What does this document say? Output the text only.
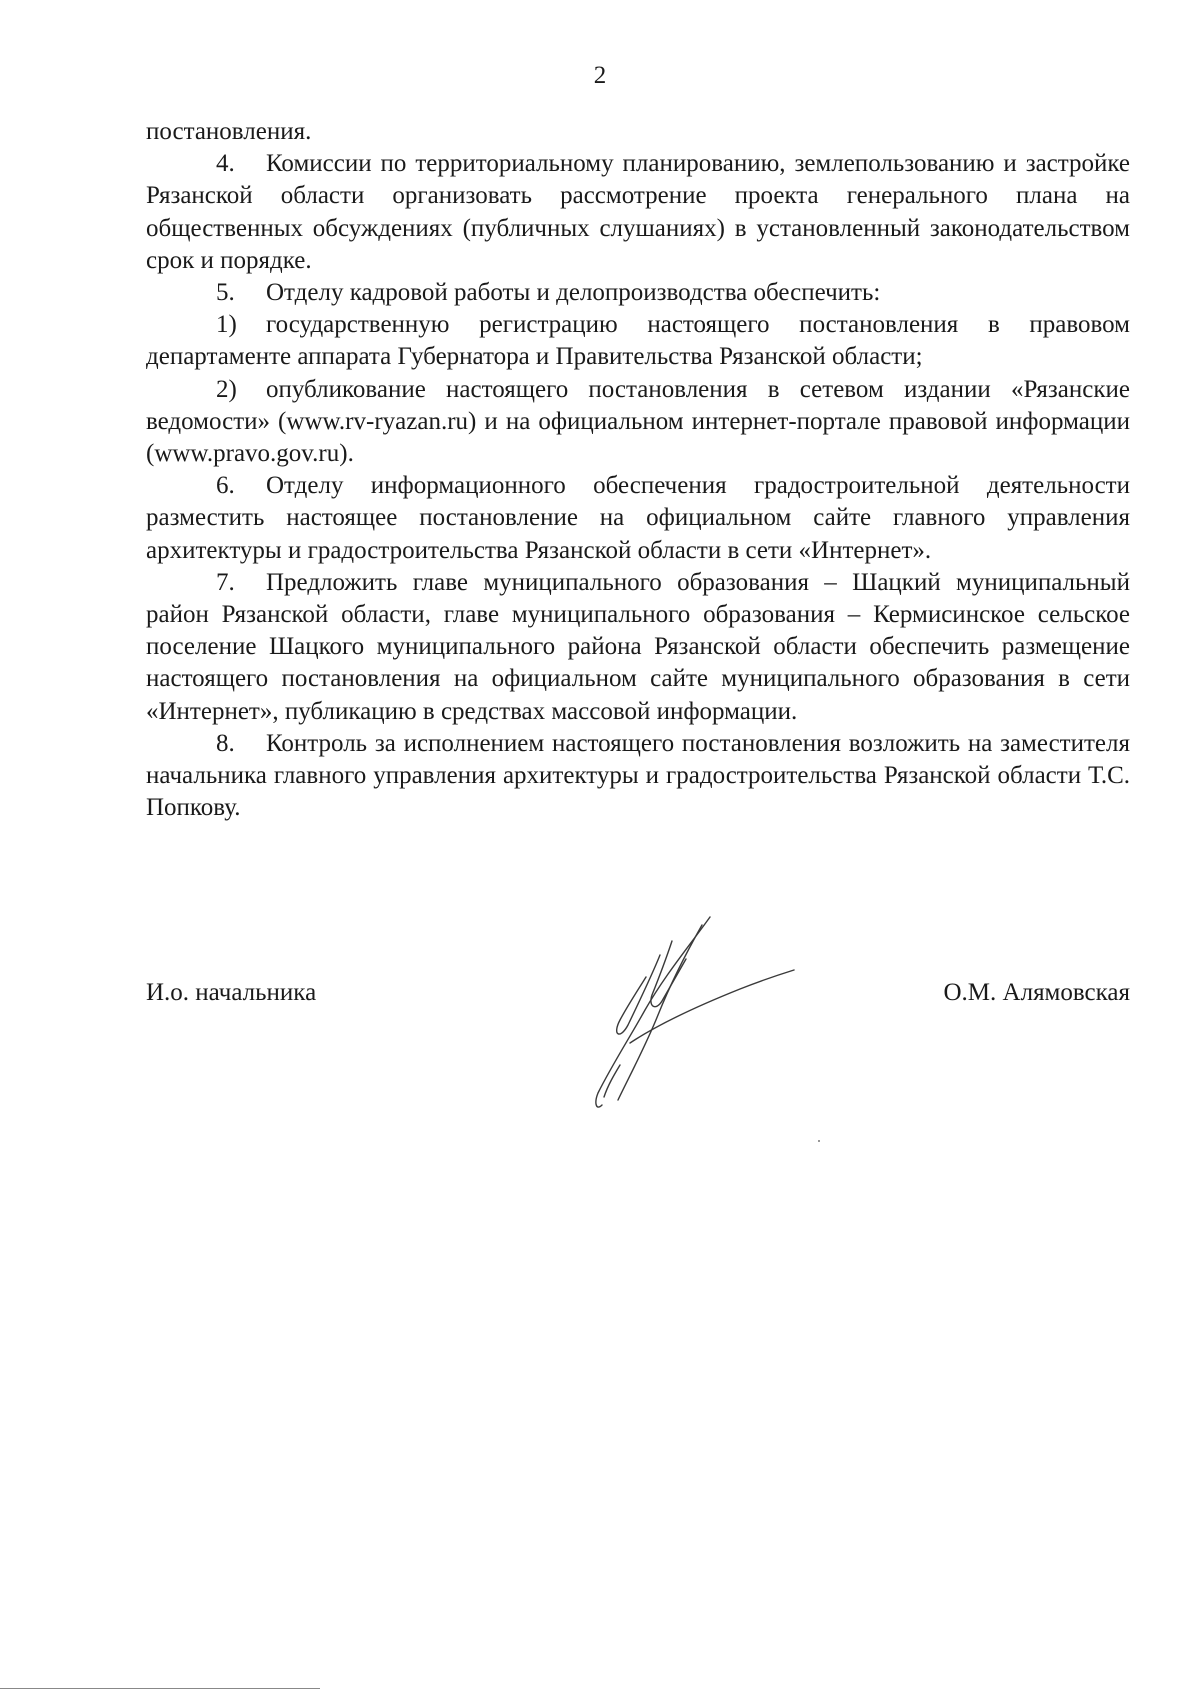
2

постановления.

4. Комиссии по территориальному планированию, землепользованию и застройке Рязанской области организовать рассмотрение проекта генерального плана на общественных обсуждениях (публичных слушаниях) в установленный законодательством срок и порядке.

5. Отделу кадровой работы и делопроизводства обеспечить:

1) государственную регистрацию настоящего постановления в правовом департаменте аппарата Губернатора и Правительства Рязанской области;

2) опубликование настоящего постановления в сетевом издании «Рязанские ведомости» (www.rv-ryazan.ru) и на официальном интернет-портале правовой информации (www.pravo.gov.ru).

6. Отделу информационного обеспечения градостроительной деятельности разместить настоящее постановление на официальном сайте главного управления архитектуры и градостроительства Рязанской области в сети «Интернет».

7. Предложить главе муниципального образования – Шацкий муниципальный район Рязанской области, главе муниципального образования – Кермисинское сельское поселение Шацкого муниципального района Рязанской области обеспечить размещение настоящего постановления на официальном сайте муниципального образования в сети «Интернет», публикацию в средствах массовой информации.

8. Контроль за исполнением настоящего постановления возложить на заместителя начальника главного управления архитектуры и градостроительства Рязанской области Т.С. Попкову.

И.о. начальника	О.М. Алямовская
